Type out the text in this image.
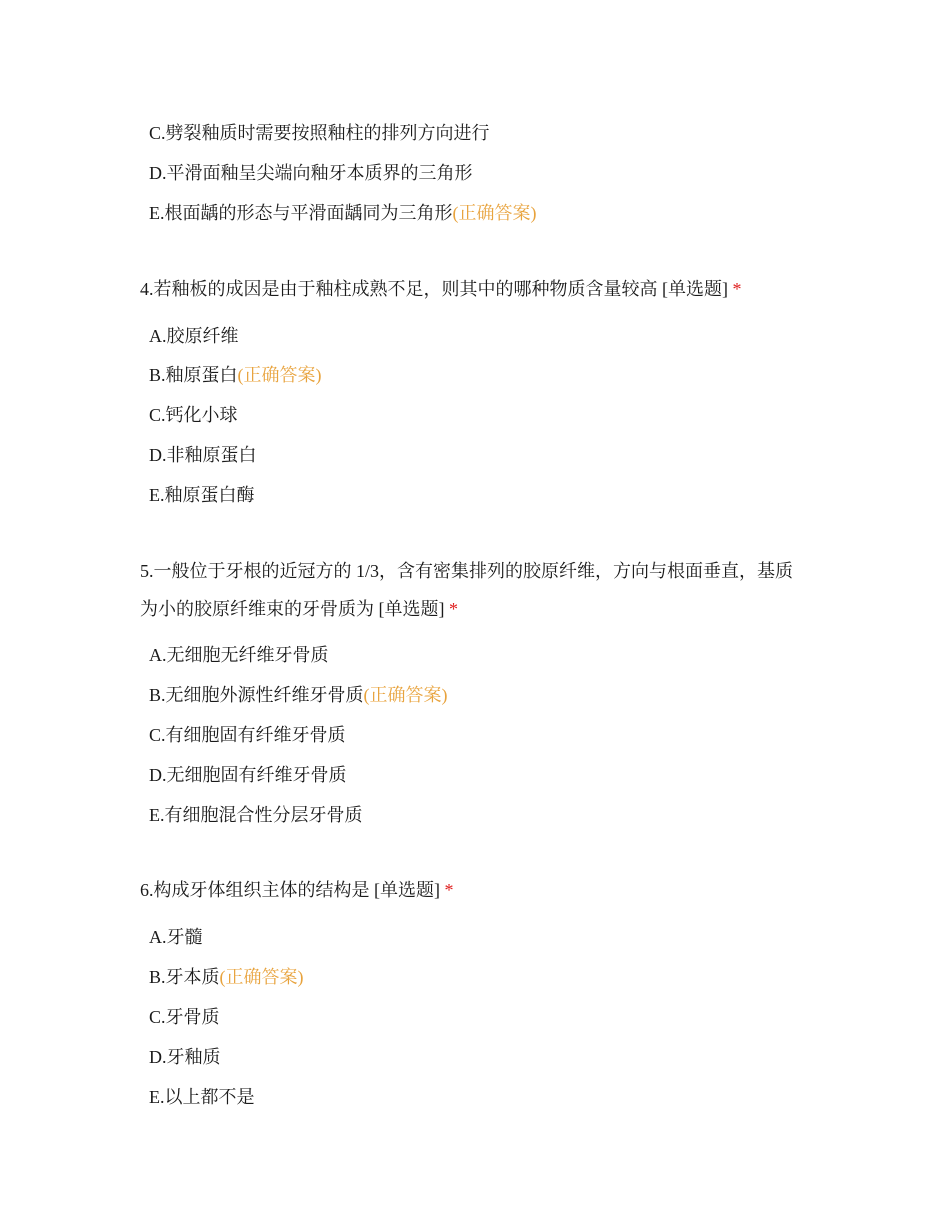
C.劈裂釉质时需要按照釉柱的排列方向进行
D.平滑面釉呈尖端向釉牙本质界的三角形
E.根面龋的形态与平滑面龋同为三角形(正确答案)
4.若釉板的成因是由于釉柱成熟不足，则其中的哪种物质含量较高 [单选题] *
A.胶原纤维
B.釉原蛋白(正确答案)
C.钙化小球
D.非釉原蛋白
E.釉原蛋白酶
5.一般位于牙根的近冠方的 1/3，含有密集排列的胶原纤维，方向与根面垂直，基质为小的胶原纤维束的牙骨质为 [单选题] *
A.无细胞无纤维牙骨质
B.无细胞外源性纤维牙骨质(正确答案)
C.有细胞固有纤维牙骨质
D.无细胞固有纤维牙骨质
E.有细胞混合性分层牙骨质
6.构成牙体组织主体的结构是 [单选题] *
A.牙髓
B.牙本质(正确答案)
C.牙骨质
D.牙釉质
E.以上都不是
